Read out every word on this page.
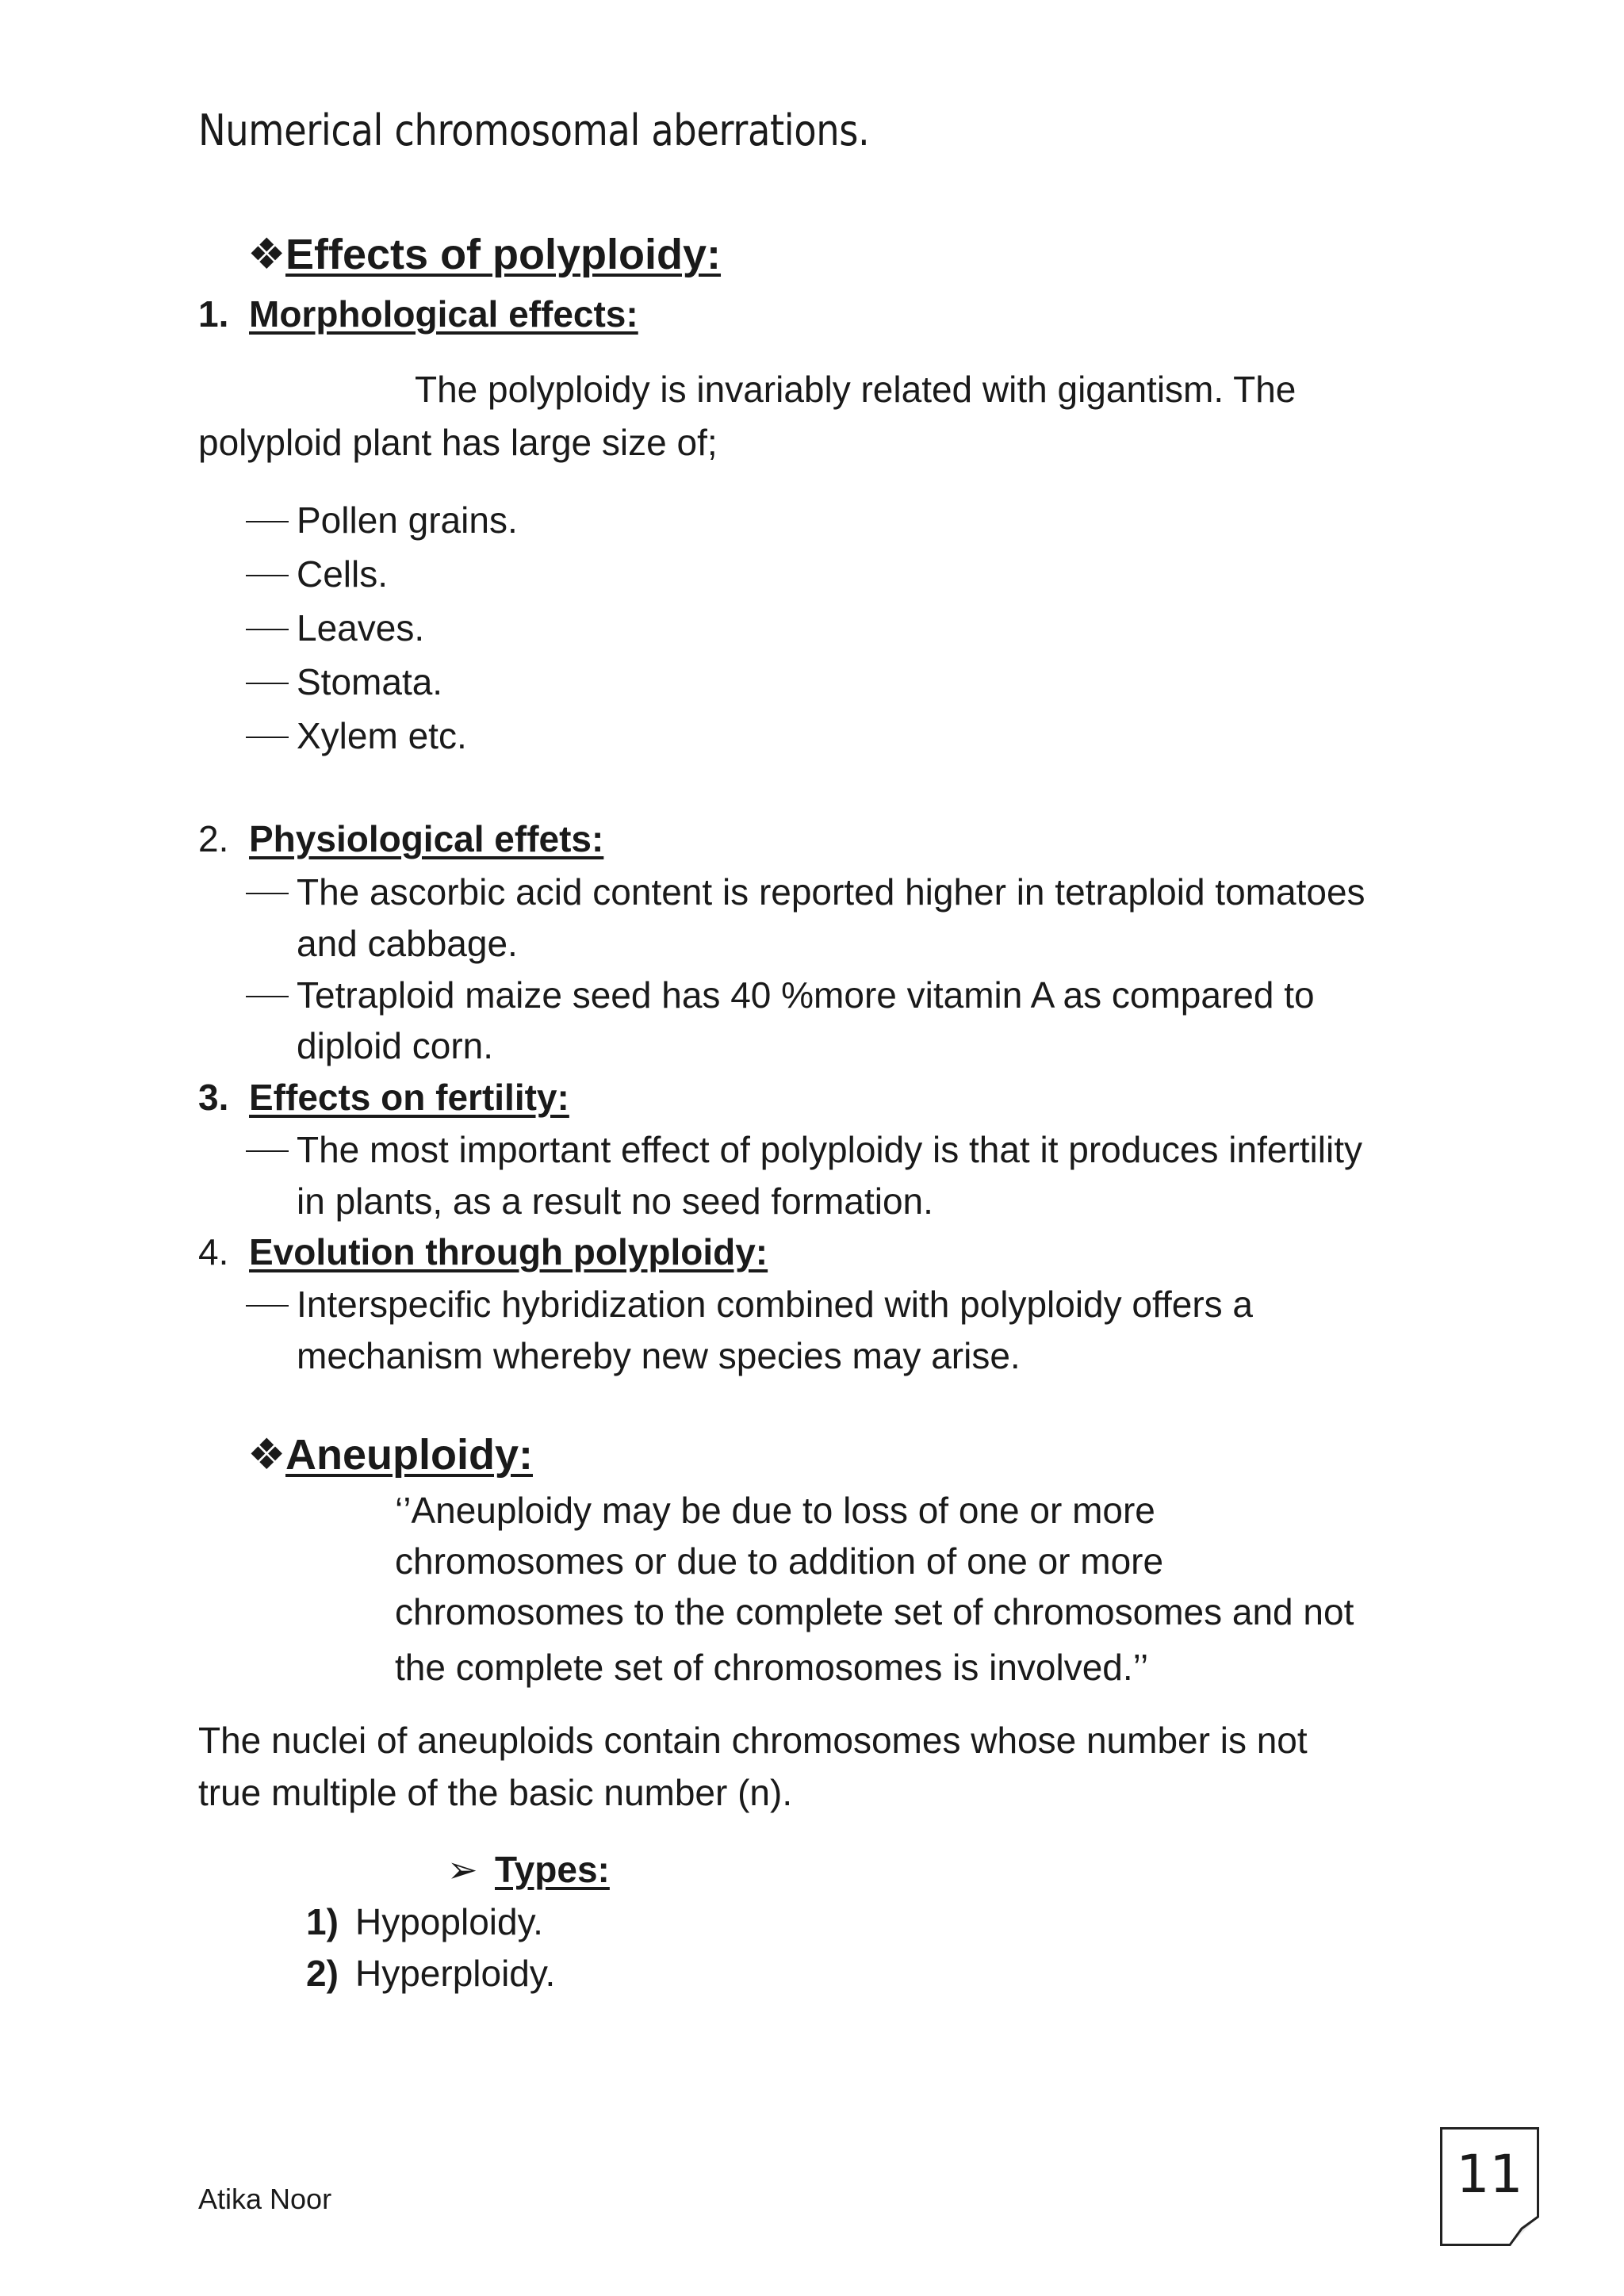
Numerical chromosomal aberrations.
❖Effects of polyploidy:
1. Morphological effects:
The polyploidy is invariably related with gigantism. The
polyploid plant has large size of;
Pollen grains.
Cells.
Leaves.
Stomata.
Xylem etc.
2. Physiological effets:
The ascorbic acid content is reported higher in tetraploid tomatoes
and cabbage.
Tetraploid maize seed has 40 %more vitamin A as compared to
diploid corn.
3. Effects on fertility:
The most important effect of polyploidy is that it produces infertility
in plants, as a result no seed formation.
4. Evolution through polyploidy:
Interspecific hybridization combined with polyploidy offers a
mechanism whereby new species may arise.
❖Aneuploidy:
‘’Aneuploidy may be due to loss of one or more
chromosomes or due to addition of one or more
chromosomes to the complete set of chromosomes and not
the complete set of chromosomes is involved.’’
The nuclei of aneuploids contain chromosomes whose number is not
true multiple of the basic number (n).
➢ Types:
1) Hypoploidy.
2) Hyperploidy.
Atika Noor	11
